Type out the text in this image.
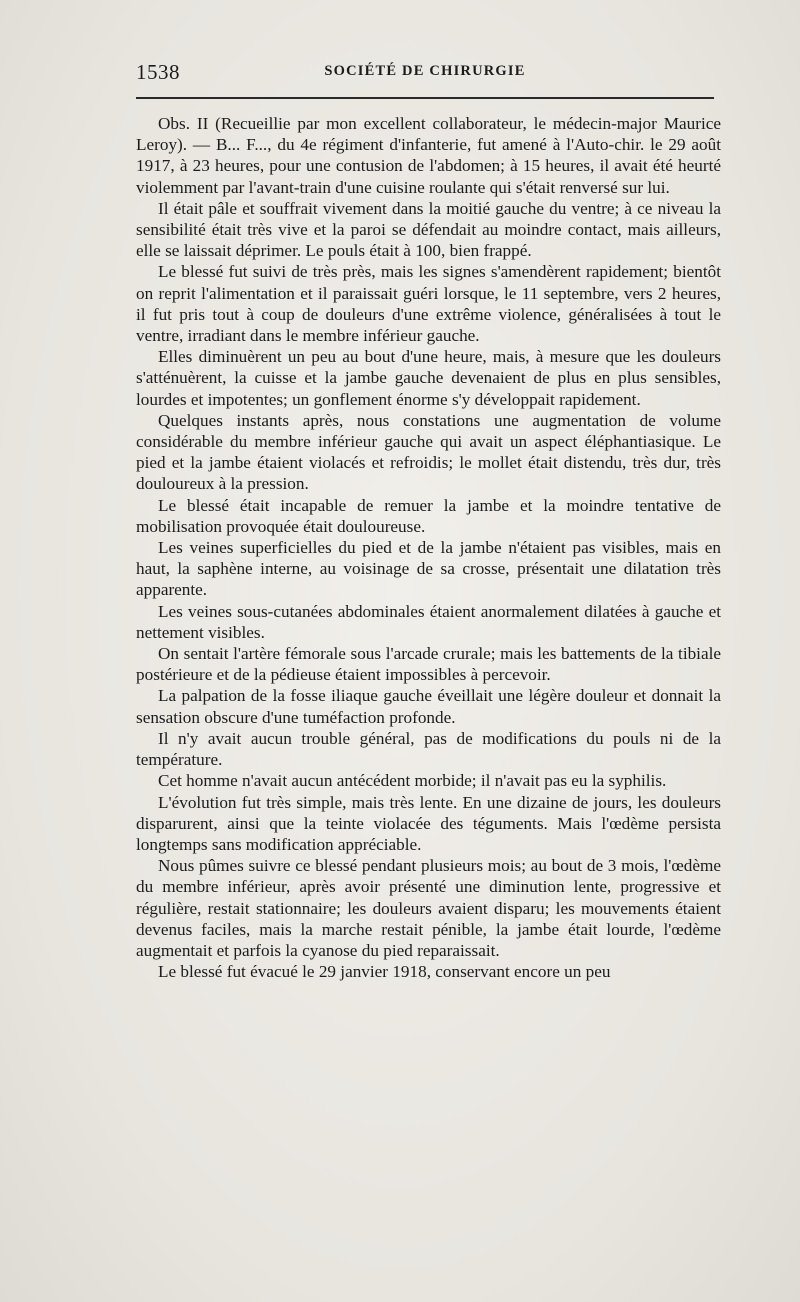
1538	SOCIÉTÉ DE CHIRURGIE

Obs. II (Recueillie par mon excellent collaborateur, le médecin-major Maurice Leroy). — B... F..., du 4e régiment d'infanterie, fut amené à l'Auto-chir. le 29 août 1917, à 23 heures, pour une contusion de l'abdomen; à 15 heures, il avait été heurté violemment par l'avant-train d'une cuisine roulante qui s'était renversé sur lui.

Il était pâle et souffrait vivement dans la moitié gauche du ventre; à ce niveau la sensibilité était très vive et la paroi se défendait au moindre contact, mais ailleurs, elle se laissait déprimer. Le pouls était à 100, bien frappé.

Le blessé fut suivi de très près, mais les signes s'amendèrent rapidement; bientôt on reprit l'alimentation et il paraissait guéri lorsque, le 11 septembre, vers 2 heures, il fut pris tout à coup de douleurs d'une extrême violence, généralisées à tout le ventre, irradiant dans le membre inférieur gauche.

Elles diminuèrent un peu au bout d'une heure, mais, à mesure que les douleurs s'atténuèrent, la cuisse et la jambe gauche devenaient de plus en plus sensibles, lourdes et impotentes; un gonflement énorme s'y développait rapidement.

Quelques instants après, nous constations une augmentation de volume considérable du membre inférieur gauche qui avait un aspect éléphantiasique. Le pied et la jambe étaient violacés et refroidis; le mollet était distendu, très dur, très douloureux à la pression.

Le blessé était incapable de remuer la jambe et la moindre tentative de mobilisation provoquée était douloureuse.

Les veines superficielles du pied et de la jambe n'étaient pas visibles, mais en haut, la saphène interne, au voisinage de sa crosse, présentait une dilatation très apparente.

Les veines sous-cutanées abdominales étaient anormalement dilatées à gauche et nettement visibles.

On sentait l'artère fémorale sous l'arcade crurale; mais les battements de la tibiale postérieure et de la pédieuse étaient impossibles à percevoir.

La palpation de la fosse iliaque gauche éveillait une légère douleur et donnait la sensation obscure d'une tuméfaction profonde.

Il n'y avait aucun trouble général, pas de modifications du pouls ni de la température.

Cet homme n'avait aucun antécédent morbide; il n'avait pas eu la syphilis.

L'évolution fut très simple, mais très lente. En une dizaine de jours, les douleurs disparurent, ainsi que la teinte violacée des téguments. Mais l'œdème persista longtemps sans modification appréciable.

Nous pûmes suivre ce blessé pendant plusieurs mois; au bout de 3 mois, l'œdème du membre inférieur, après avoir présenté une diminution lente, progressive et régulière, restait stationnaire; les douleurs avaient disparu; les mouvements étaient devenus faciles, mais la marche restait pénible, la jambe était lourde, l'œdème augmentait et parfois la cyanose du pied reparaissait.

Le blessé fut évacué le 29 janvier 1918, conservant encore un peu
